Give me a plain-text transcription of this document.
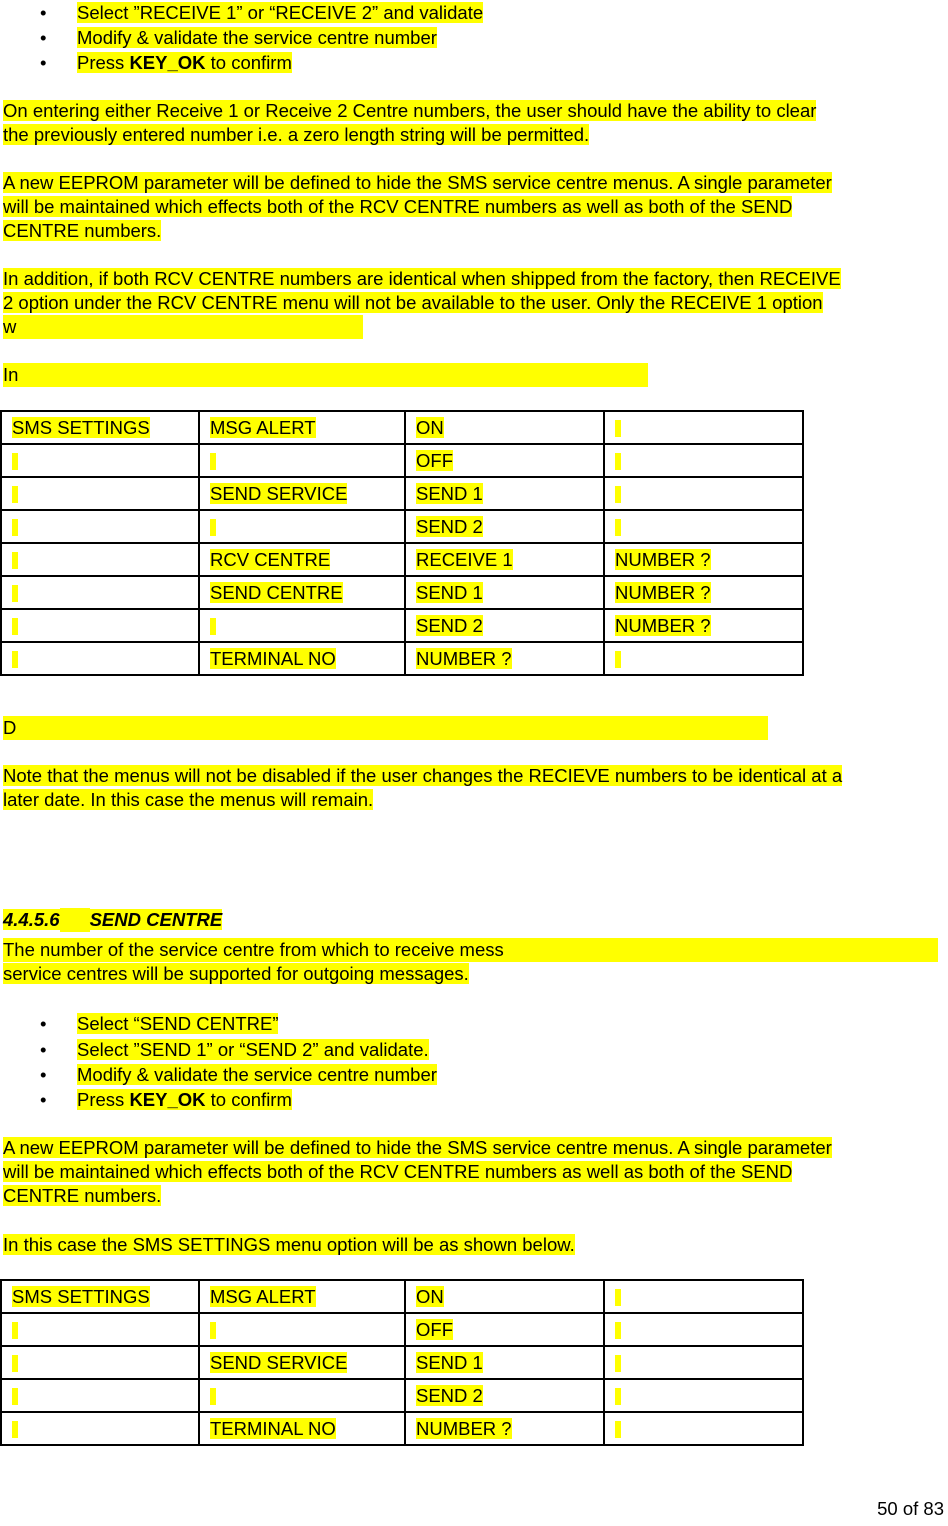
• Select ”RECEIVE 1” or “RECEIVE 2” and validate
• Modify & validate the service centre number
• Press KEY_OK to confirm
On entering either Receive 1 or Receive 2 Centre numbers, the user should have the ability to clear
the previously entered number i.e. a zero length string will be permitted.
A new EEPROM parameter will be defined to hide the SMS service centre menus. A single parameter
will be maintained which effects both of the RCV CENTRE numbers as well as both of the SEND
CENTRE numbers.
In addition, if both RCV CENTRE numbers are identical when shipped from the factory, then RECEIVE
2 option under the RCV CENTRE menu will not be available to the user. Only the RECEIVE 1 option
w
In
SMS SETTINGS	MSG ALERT	ON	
		OFF	
	SEND SERVICE	SEND 1	
		SEND 2	
	RCV CENTRE	RECEIVE 1	NUMBER ?
	SEND CENTRE	SEND 1	NUMBER ?
		SEND 2	NUMBER ?
	TERMINAL NO	NUMBER ?	
D
Note that the menus will not be disabled if the user changes the RECIEVE numbers to be identical at a
later date. In this case the menus will remain.
4.4.5.6 SEND CENTRE
The number of the service centre from which to receive mess
service centres will be supported for outgoing messages.
• Select “SEND CENTRE”
• Select ”SEND 1” or “SEND 2” and validate.
• Modify & validate the service centre number
• Press KEY_OK to confirm
A new EEPROM parameter will be defined to hide the SMS service centre menus. A single parameter
will be maintained which effects both of the RCV CENTRE numbers as well as both of the SEND
CENTRE numbers.
In this case the SMS SETTINGS menu option will be as shown below.
SMS SETTINGS	MSG ALERT	ON	
		OFF	
	SEND SERVICE	SEND 1	
		SEND 2	
	TERMINAL NO	NUMBER ?	
50 of 83
